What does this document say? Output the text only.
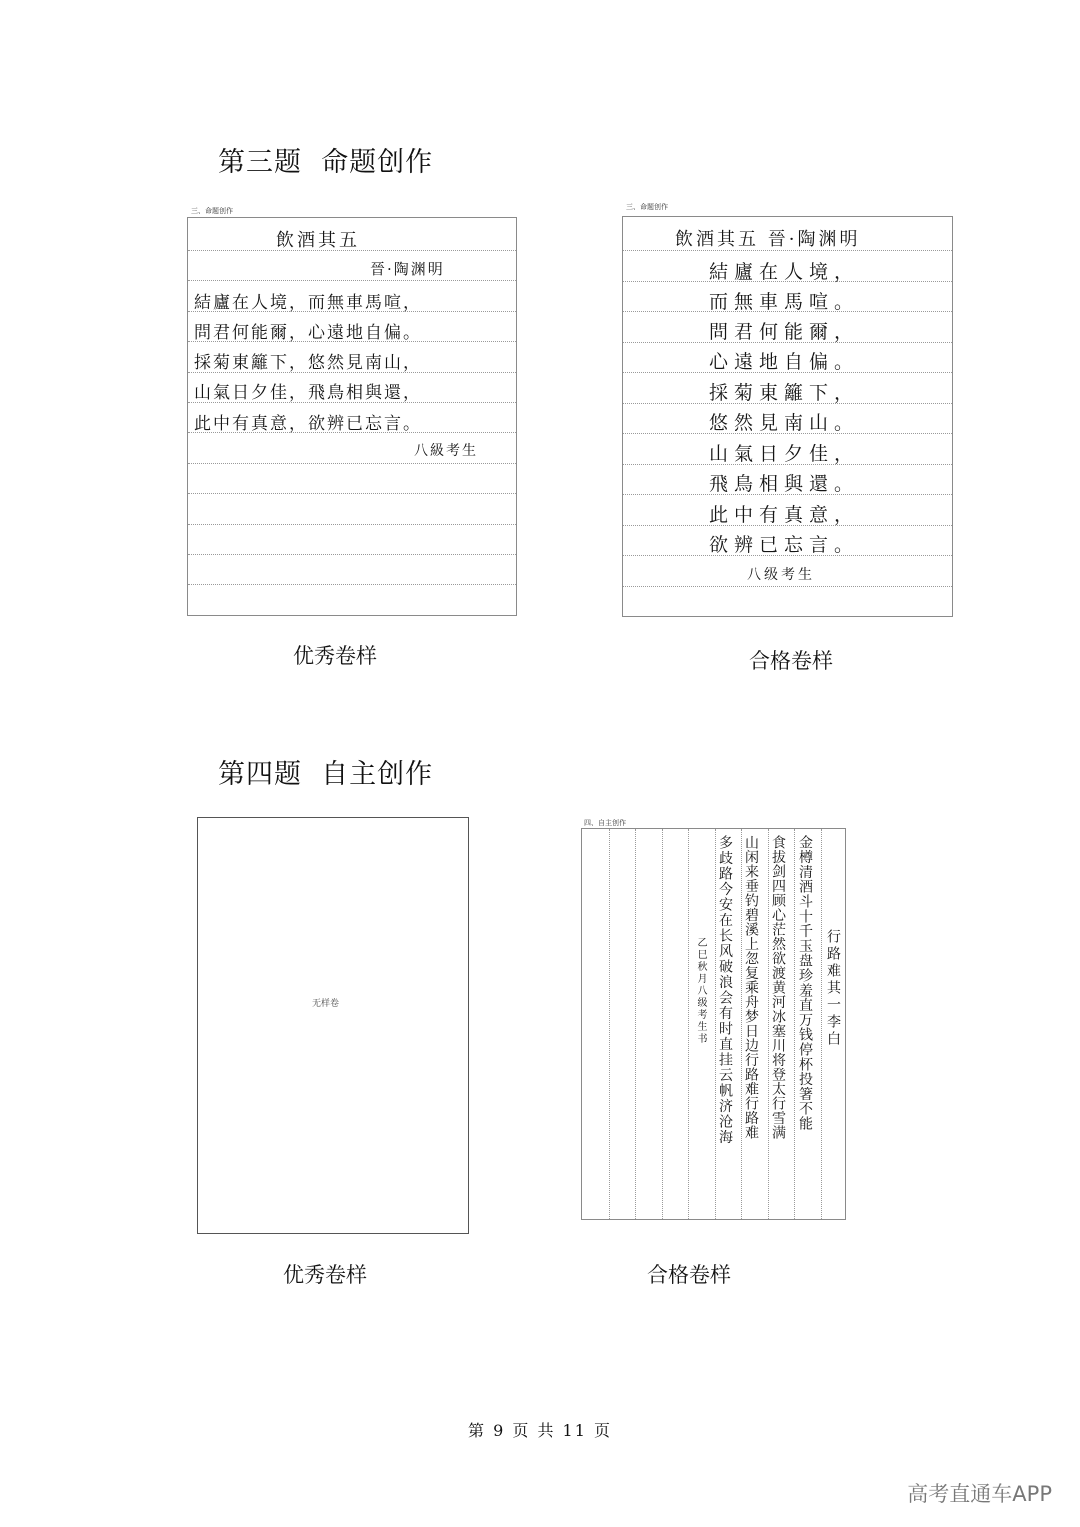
第三题  命题创作
三、命题创作
飲酒其五
晉·陶渊明
結廬在人境，而無車馬喧，
問君何能爾，心遠地自偏。
採菊東籬下，悠然見南山，
山氣日夕佳，飛鳥相與還，
此中有真意，欲辨已忘言。
八級考生
优秀卷样
三、命题创作
飲酒其五 晉·陶渊明
結廬在人境，
而無車馬喧。
問君何能爾，
心遠地自偏。
採菊東籬下，
悠然見南山。
山氣日夕佳，
飛鳥相與還。
此中有真意，
欲辨已忘言。
八级考生
合格卷样
第四题  自主创作
无样卷
优秀卷样
四、自主创作
行路难其一李白
金樽清酒斗十千玉盘珍羞直万钱停杯投箸不能
食拔剑四顾心茫然欲渡黄河冰塞川将登太行雪满
山闲来垂钓碧溪上忽复乘舟梦日边行路难行路难
多歧路今安在长风破浪会有时直挂云帆济沧海
乙巳秋月八级考生书
合格卷样
第 9 页 共 11 页
高考直通车APP
